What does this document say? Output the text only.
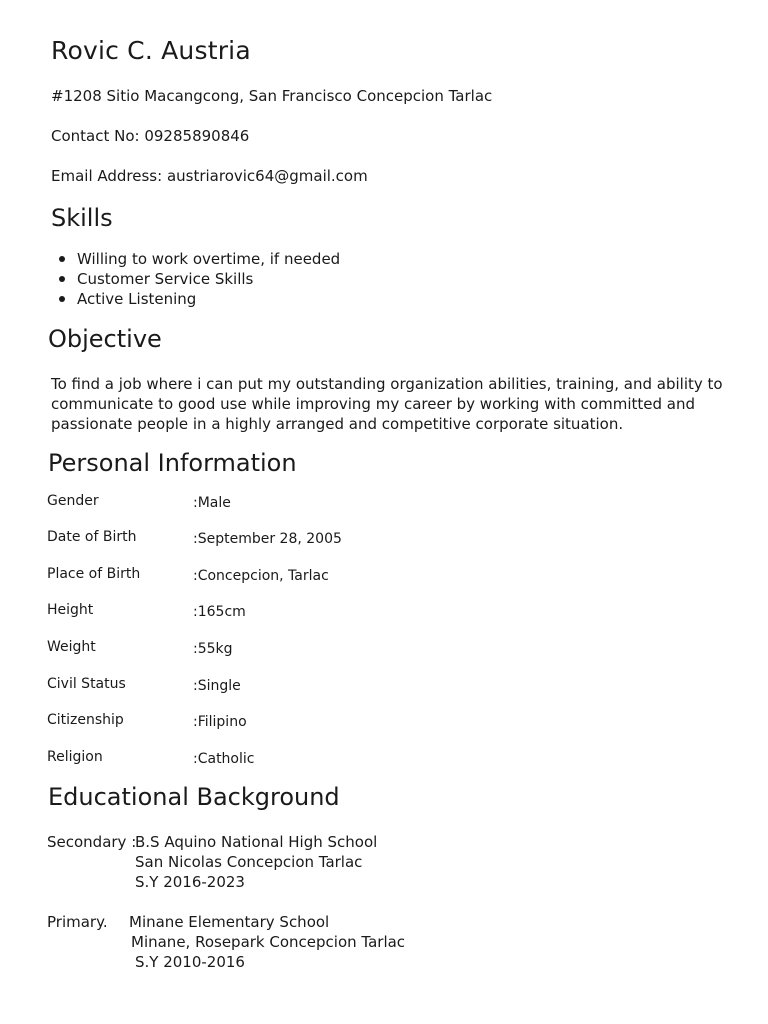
Rovic C. Austria
#1208 Sitio Macangcong, San Francisco Concepcion Tarlac
Contact No: 09285890846
Email Address: austriarovic64@gmail.com
Skills
Willing to work overtime, if needed
Customer Service Skills
Active Listening
Objective
To find a job where i can put my outstanding organization abilities, training, and ability to communicate to good use while improving my career by working with committed and passionate people in a highly arranged and competitive corporate situation.
Personal Information
Gender	:Male
Date of Birth	:September 28, 2005
Place of Birth	:Concepcion, Tarlac
Height	:165cm
Weight	:55kg
Civil Status	:Single
Citizenship	:Filipino
Religion	:Catholic
Educational Background
Secondary :
B.S Aquino National High School
San Nicolas Concepcion Tarlac
S.Y 2016-2023
Primary. Minane Elementary School
Minane, Rosepark Concepcion Tarlac
S.Y 2010-2016
